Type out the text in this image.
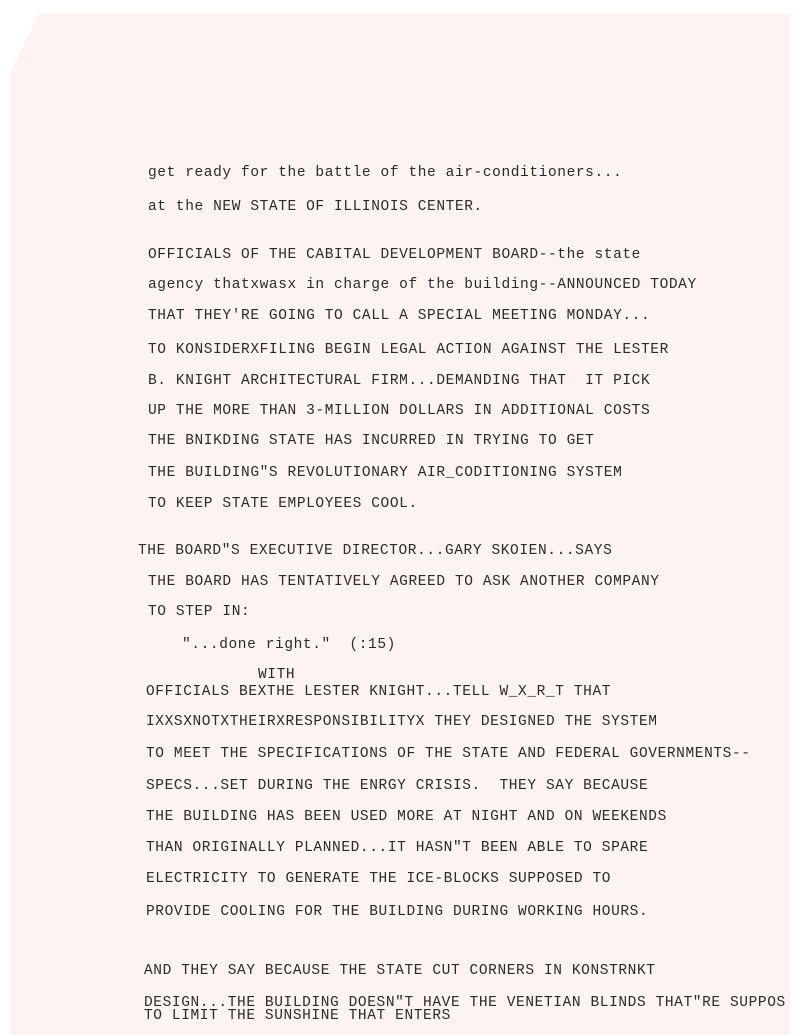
get ready for the battle of the air-conditioners...
at the NEW STATE OF ILLINOIS CENTER.
OFFICIALS OF THE CABITAL DEVELOPMENT BOARD--the state
agency thatxwasx in charge of the building--ANNOUNCED TODAY
THAT THEY'RE GOING TO CALL A SPECIAL MEETING MONDAY...
TO KONSIDERXFILING BEGIN LEGAL ACTION AGAINST THE LESTER
B. KNIGHT ARCHITECTURAL FIRM...DEMANDING THAT  IT PICK
UP THE MORE THAN 3-MILLION DOLLARS IN ADDITIONAL COSTS
THE BNIKDING STATE HAS INCURRED IN TRYING TO GET
THE BUILDING"S REVOLUTIONARY AIR_CODITIONING SYSTEM
TO KEEP STATE EMPLOYEES COOL.
THE BOARD"S EXECUTIVE DIRECTOR...GARY SKOIEN...SAYS
THE BOARD HAS TENTATIVELY AGREED TO ASK ANOTHER COMPANY
TO STEP IN:
"...done right."  (:15)
WITH
OFFICIALS BEXTHE LESTER KNIGHT...TELL W_X_R_T THAT
IXXSXNOTXTHEIRXRESPONSIBILITYX THEY DESIGNED THE SYSTEM
TO MEET THE SPECIFICATIONS OF THE STATE AND FEDERAL GOVERNMENTS--
SPECS...SET DURING THE ENRGY CRISIS.  THEY SAY BECAUSE
THE BUILDING HAS BEEN USED MORE AT NIGHT AND ON WEEKENDS
THAN ORIGINALLY PLANNED...IT HASN"T BEEN ABLE TO SPARE
ELECTRICITY TO GENERATE THE ICE-BLOCKS SUPPOSED TO
PROVIDE COOLING FOR THE BUILDING DURING WORKING HOURS.
AND THEY SAY BECAUSE THE STATE CUT CORNERS IN KONSTRNKT
DESIGN...THE BUILDING DOESN"T HAVE THE VENETIAN BLINDS THAT"RE SUPPOS
TO LIMIT THE SUNSHINE THAT ENTERS
